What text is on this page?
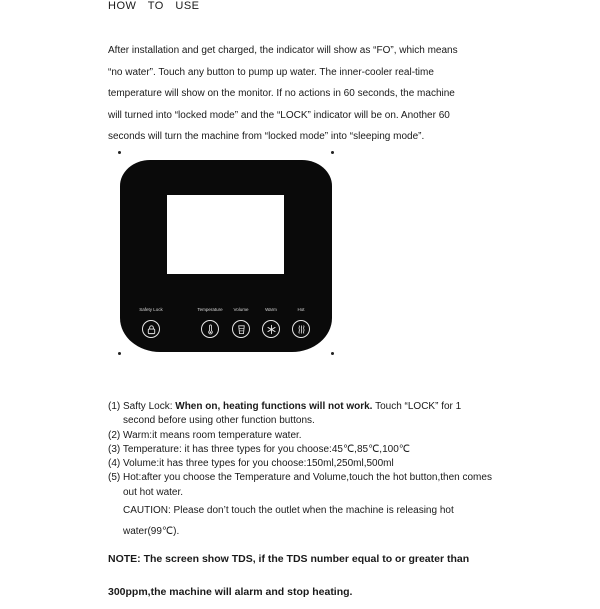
HOW TO USE

After installation and get charged, the indicator will show as “FO”, which means

“no water”. Touch any button to pump up water. The inner-cooler real-time

temperature will show on the monitor. If no actions in 60 seconds, the machine

will turned into “locked mode” and the “LOCK” indicator will be on. Another 60

seconds will turn the machine from “locked mode” into “sleeping mode”.

Safety Lock	Temperature Volume	Warm	Hot
(1) Safty Lock: When on, heating functions will not work. Touch “LOCK” for 1 second before using other function buttons.
(2) Warm:it means room temperature water.
(3) Temperature: it has three types for you choose:45℃,85℃,100℃
(4) Volume:it has three types for you choose:150ml,250ml,500ml
(5) Hot:after you choose the Temperature and Volume,touch the hot button,then comes out hot water.
CAUTION: Please don’t touch the outlet when the machine is releasing hot water(99℃).
NOTE: The screen show TDS, if the TDS number equal to or greater than 300ppm,the machine will alarm and stop heating.
